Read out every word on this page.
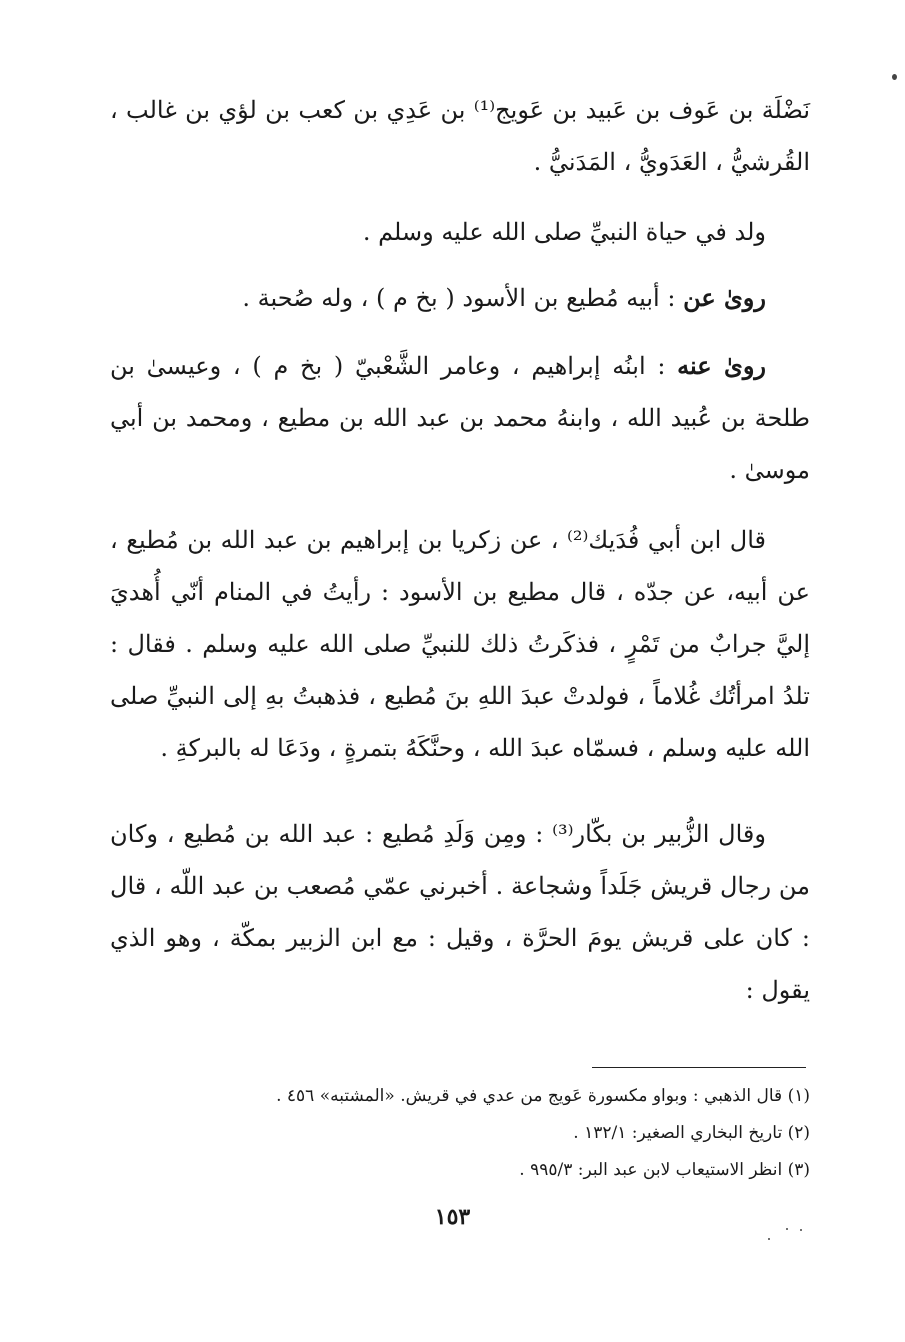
نَضْلَة بن عَوف بن عَبيد بن عَويج⁽¹⁾ بن عَدِي بن كعب بن لؤي بن غالب ، القُرشيُّ ، العَدَويُّ ، المَدَنيُّ .

ولد في حياة النبيِّ صلى الله عليه وسلم .

روىٰ عن : أبيه مُطيع بن الأسود ( بخ م ) ، وله صُحبة .

روىٰ عنه : ابنُه إبراهيم ، وعامر الشَّعْبيّ ( بخ م ) ، وعيسىٰ بن طلحة بن عُبيد الله ، وابنهُ محمد بن عبد الله بن مطيع ، ومحمد بن أبي موسىٰ .

قال ابن أبي فُدَيك⁽²⁾ ، عن زكريا بن إبراهيم بن عبد الله بن مُطيع ، عن أبيه، عن جدّه ، قال مطيع بن الأسود : رأيتُ في المنام أنّي أُهديَ إليَّ جرابٌ من تَمْرٍ ، فذكَرتُ ذلك للنبيِّ صلى الله عليه وسلم . فقال : تلدُ امرأتُك غُلاماً ، فولدتْ عبدَ اللهِ بنَ مُطيع ، فذهبتُ بهِ إلى النبيِّ صلى الله عليه وسلم ، فسمّاه عبدَ الله ، وحنَّكَهُ بتمرةٍ ، ودَعَا له بالبركةِ .

وقال الزُّبير بن بكّار⁽³⁾ : ومِن وَلَدِ مُطيع : عبد الله بن مُطيع ، وكان من رجال قريش جَلَداً وشجاعة . أخبرني عمّي مُصعب بن عبد اللّه ، قال : كان على قريش يومَ الحرَّة ، وقيل : مع ابن الزبير بمكّة ، وهو الذي يقول :

(١) قال الذهبي : وبواو مكسورة عَويج من عدي في قريش. «المشتبه» ٤٥٦ .

(٢) تاريخ البخاري الصغير: ١٣٢/١ .

(٣) انظر الاستيعاب لابن عبد البر: ٩٩٥/٣ .

١٥٣
